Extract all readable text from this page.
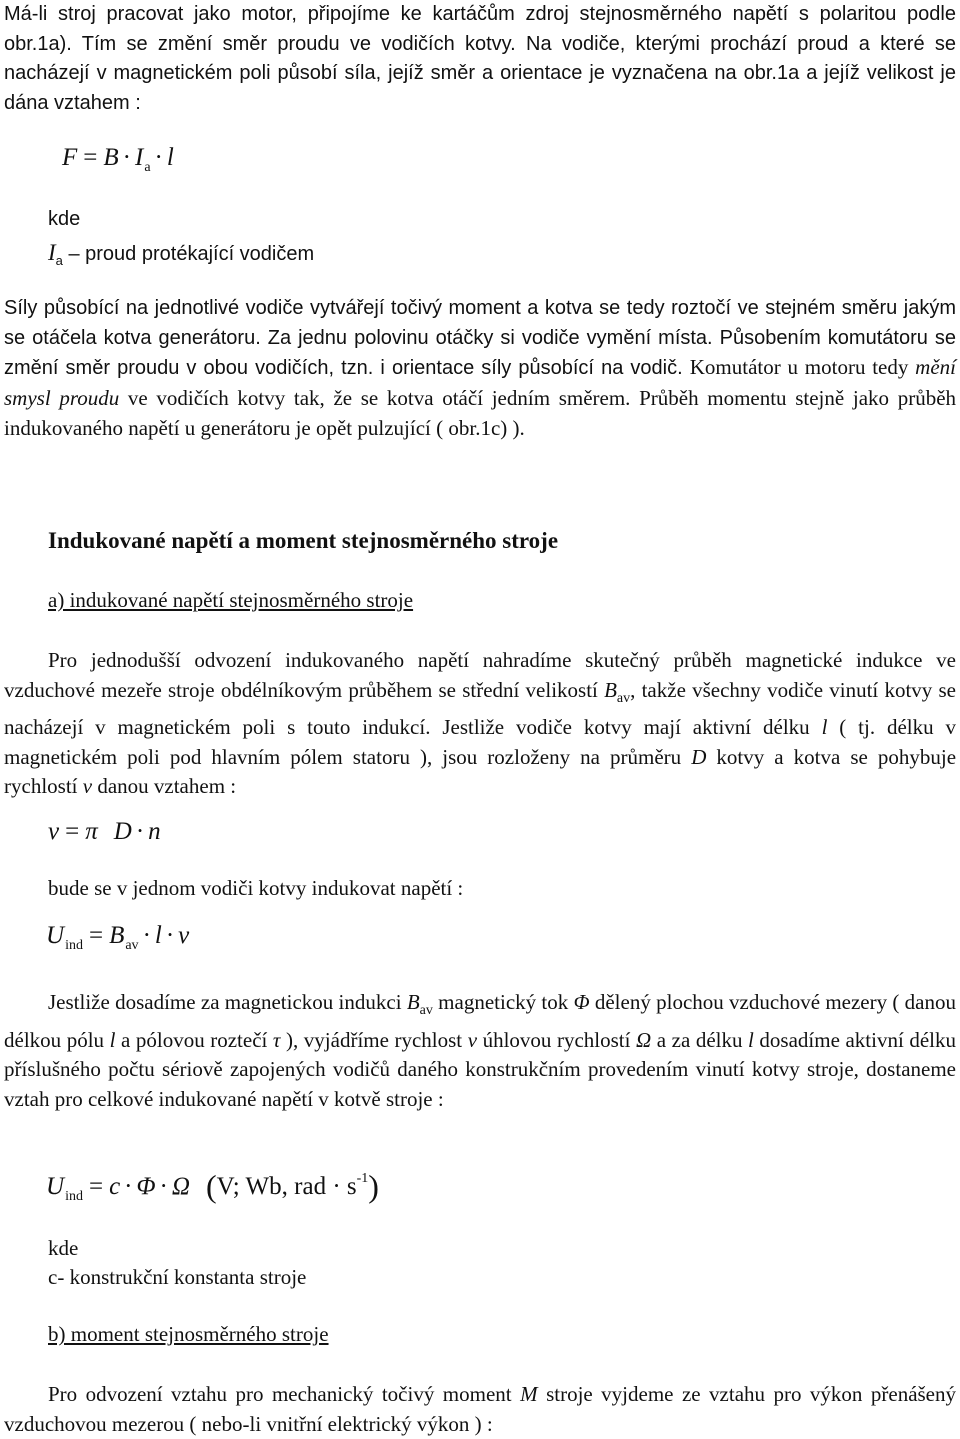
Má-li stroj pracovat jako motor, připojíme ke kartáčům zdroj stejnosměrného napětí s polaritou podle obr.1a). Tím se změní směr proudu ve vodičích kotvy. Na vodiče, kterými prochází proud a které se nacházejí v magnetickém poli působí síla, jejíž směr a orientace je vyznačena na obr.1a a jejíž velikost je dána vztahem :

$F = B \cdot I_a \cdot l$
kde
$I_a$ – proud protékající vodičem

Síly působící na jednotlivé vodiče vytvářejí točivý moment a kotva se tedy roztočí ve stejném směru jakým se otáčela kotva generátoru. Za jednu polovinu otáčky si vodiče vymění místa. Působením komutátoru se změní směr proudu v obou vodičích, tzn. i orientace síly působící na vodič. Komutátor u motoru tedy mění smysl proudu ve vodičích kotvy tak, že se kotva otáčí jedním směrem. Průběh momentu stejně jako průběh indukovaného napětí u generátoru je opět pulzující ( obr.1c) ).

Indukované napětí a moment stejnosměrného stroje
a) indukované napětí stejnosměrného stroje

Pro jednodušší odvození indukovaného napětí nahradíme skutečný průběh magnetické indukce ve vzduchové mezeře stroje obdélníkovým průběhem se střední velikostí $B_{av}$, takže všechny vodiče vinutí kotvy se nacházejí v magnetickém poli s touto indukcí. Jestliže vodiče kotvy mají aktivní délku l ( tj. délku v magnetickém poli pod hlavním pólem statoru ), jsou rozloženy na průměru D kotvy a kotva se pohybuje rychlostí v danou vztahem :

v = π D · n
bude se v jednom vodiči kotvy indukovat napětí :
$U_{ind} = B_{av} \cdot l \cdot v$

Jestliže dosadíme za magnetickou indukci $B_{av}$ magnetický tok Φ dělený plochou vzduchové mezery ( danou délkou pólu l a pólovou roztečí τ ), vyjádříme rychlost v úhlovou rychlostí Ω a za délku l dosadíme aktivní délku příslušného počtu sériově zapojených vodičů daného konstrukčním provedením vinutí kotvy stroje, dostaneme vztah pro celkové indukované napětí v kotvě stroje :

$U_{ind} = c \cdot \Phi \cdot \Omega$ (V; Wb, rad · $s^{-1}$)
kde
c- konstrukční konstanta stroje
b) moment stejnosměrného stroje

Pro odvození vztahu pro mechanický točivý moment M stroje vyjdeme ze vztahu pro výkon přenášený vzduchovou mezerou ( nebo-li vnitřní elektrický výkon ) :
